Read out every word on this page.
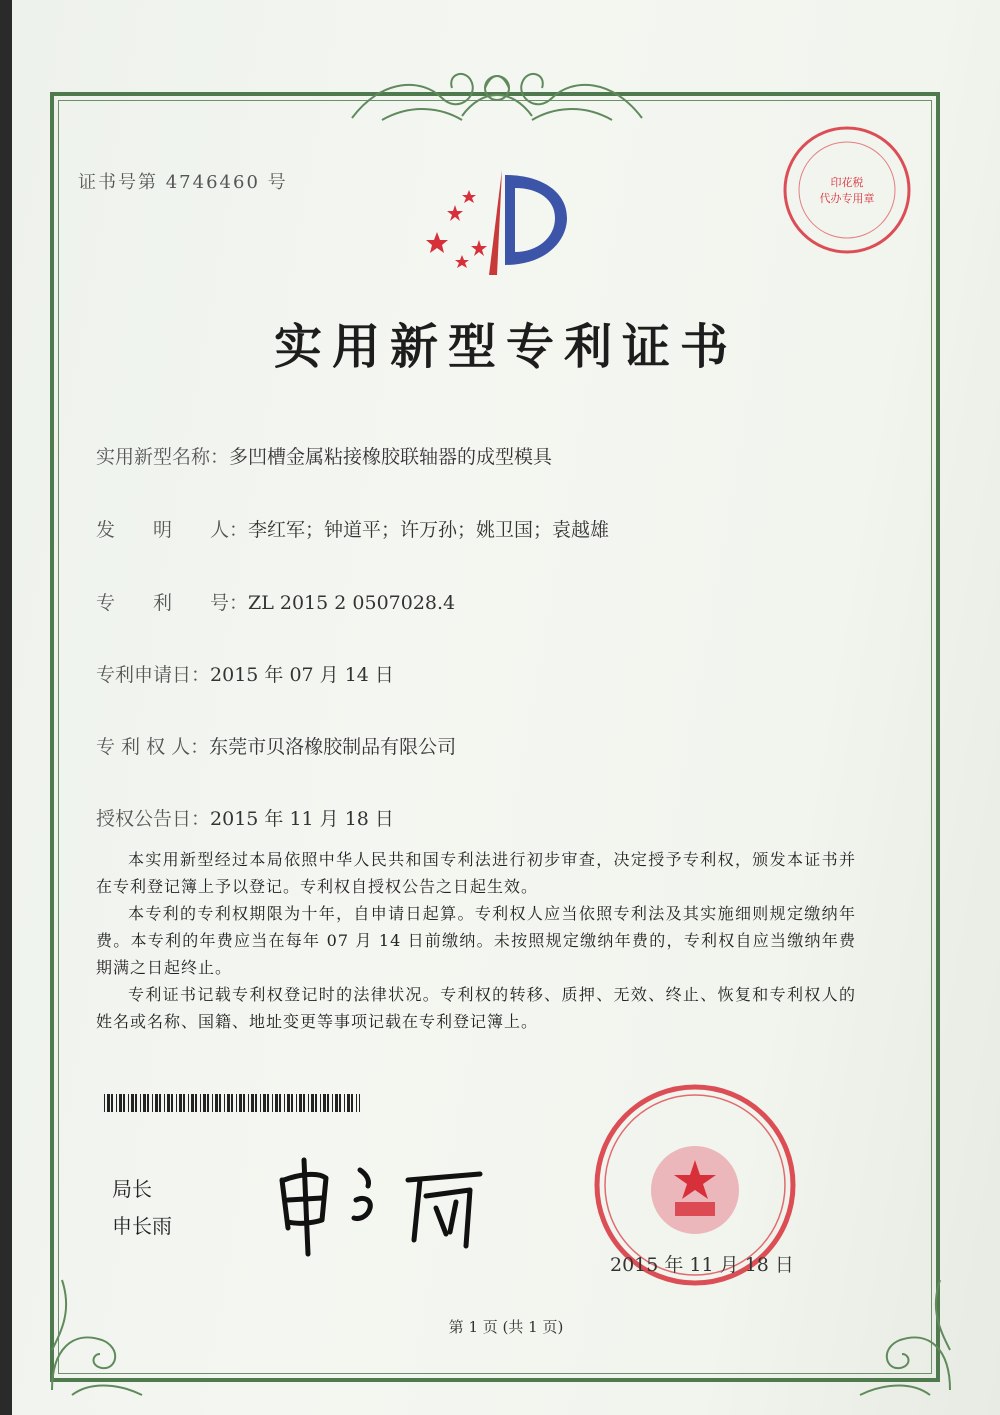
证书号第 4746460 号	印花税
代办专用章
实用新型专利证书
实用新型名称：多凹槽金属粘接橡胶联轴器的成型模具
发　　明　　人：李红军；钟道平；许万孙；姚卫国；袁越雄
专　　利　　号：ZL 2015 2 0507028.4
专利申请日：2015 年 07 月 14 日
专 利 权 人：东莞市贝洛橡胶制品有限公司
授权公告日：2015 年 11 月 18 日

本实用新型经过本局依照中华人民共和国专利法进行初步审查，决定授予专利权，颁发本证书并在专利登记簿上予以登记。专利权自授权公告之日起生效。

本专利的专利权期限为十年，自申请日起算。专利权人应当依照专利法及其实施细则规定缴纳年费。本专利的年费应当在每年 07 月 14 日前缴纳。未按照规定缴纳年费的，专利权自应当缴纳年费期满之日起终止。

专利证书记载专利权登记时的法律状况。专利权的转移、质押、无效、终止、恢复和专利权人的姓名或名称、国籍、地址变更等事项记载在专利登记簿上。

局长
申长雨
2015 年 11 月 18 日
第 1 页 (共 1 页)
